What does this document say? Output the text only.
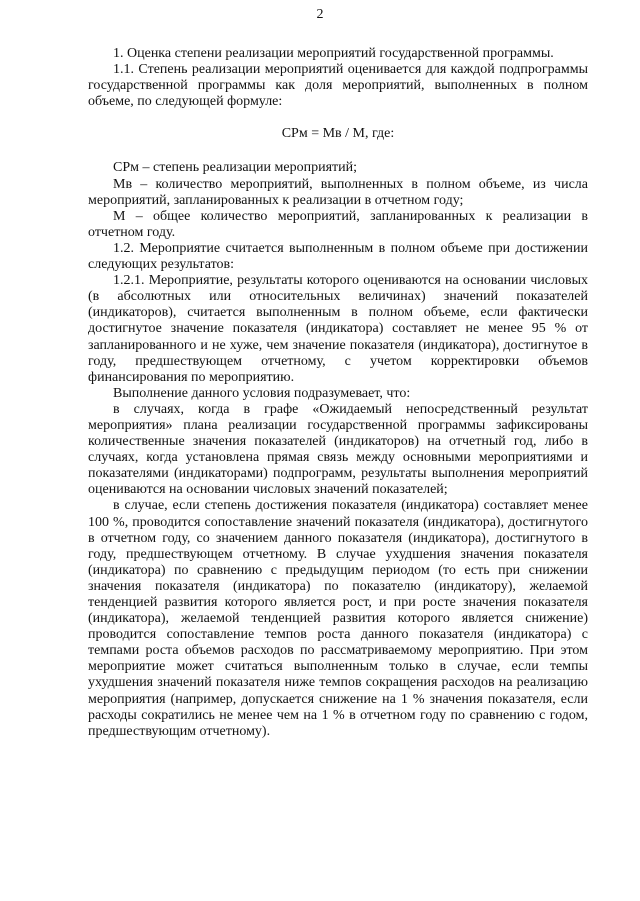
2

1. Оценка степени реализации мероприятий государственной программы.

1.1. Степень реализации мероприятий оценивается для каждой подпрограммы государственной программы как доля мероприятий, выполненных в полном объеме, по следующей формуле:

СРм = Мв / М, где:

СРм – степень реализации мероприятий;

Мв – количество мероприятий, выполненных в полном объеме, из числа мероприятий, запланированных к реализации в отчетном году;

М – общее количество мероприятий, запланированных к реализации в отчетном году.

1.2. Мероприятие считается выполненным в полном объеме при достижении следующих результатов:

1.2.1. Мероприятие, результаты которого оцениваются на основании числовых (в абсолютных или относительных величинах) значений показателей (индикаторов), считается выполненным в полном объеме, если фактически достигнутое значение показателя (индикатора) составляет не менее 95 % от запланированного и не хуже, чем значение показателя (индикатора), достигнутое в году, предшествующем отчетному, с учетом корректировки объемов финансирования по мероприятию.

Выполнение данного условия подразумевает, что:

в случаях, когда в графе «Ожидаемый непосредственный результат мероприятия» плана реализации государственной программы зафиксированы количественные значения показателей (индикаторов) на отчетный год, либо в случаях, когда установлена прямая связь между основными мероприятиями и показателями (индикаторами) подпрограмм, результаты выполнения мероприятий оцениваются на основании числовых значений показателей;

в случае, если степень достижения показателя (индикатора) составляет менее 100 %, проводится сопоставление значений показателя (индикатора), достигнутого в отчетном году, со значением данного показателя (индикатора), достигнутого в году, предшествующем отчетному. В случае ухудшения значения показателя (индикатора) по сравнению с предыдущим периодом (то есть при снижении значения показателя (индикатора) по показателю (индикатору), желаемой тенденцией развития которого является рост, и при росте значения показателя (индикатора), желаемой тенденцией развития которого является снижение) проводится сопоставление темпов роста данного показателя (индикатора) с темпами роста объемов расходов по рассматриваемому мероприятию. При этом мероприятие может считаться выполненным только в случае, если темпы ухудшения значений показателя ниже темпов сокращения расходов на реализацию мероприятия (например, допускается снижение на 1 % значения показателя, если расходы сократились не менее чем на 1 % в отчетном году по сравнению с годом, предшествующим отчетному).
